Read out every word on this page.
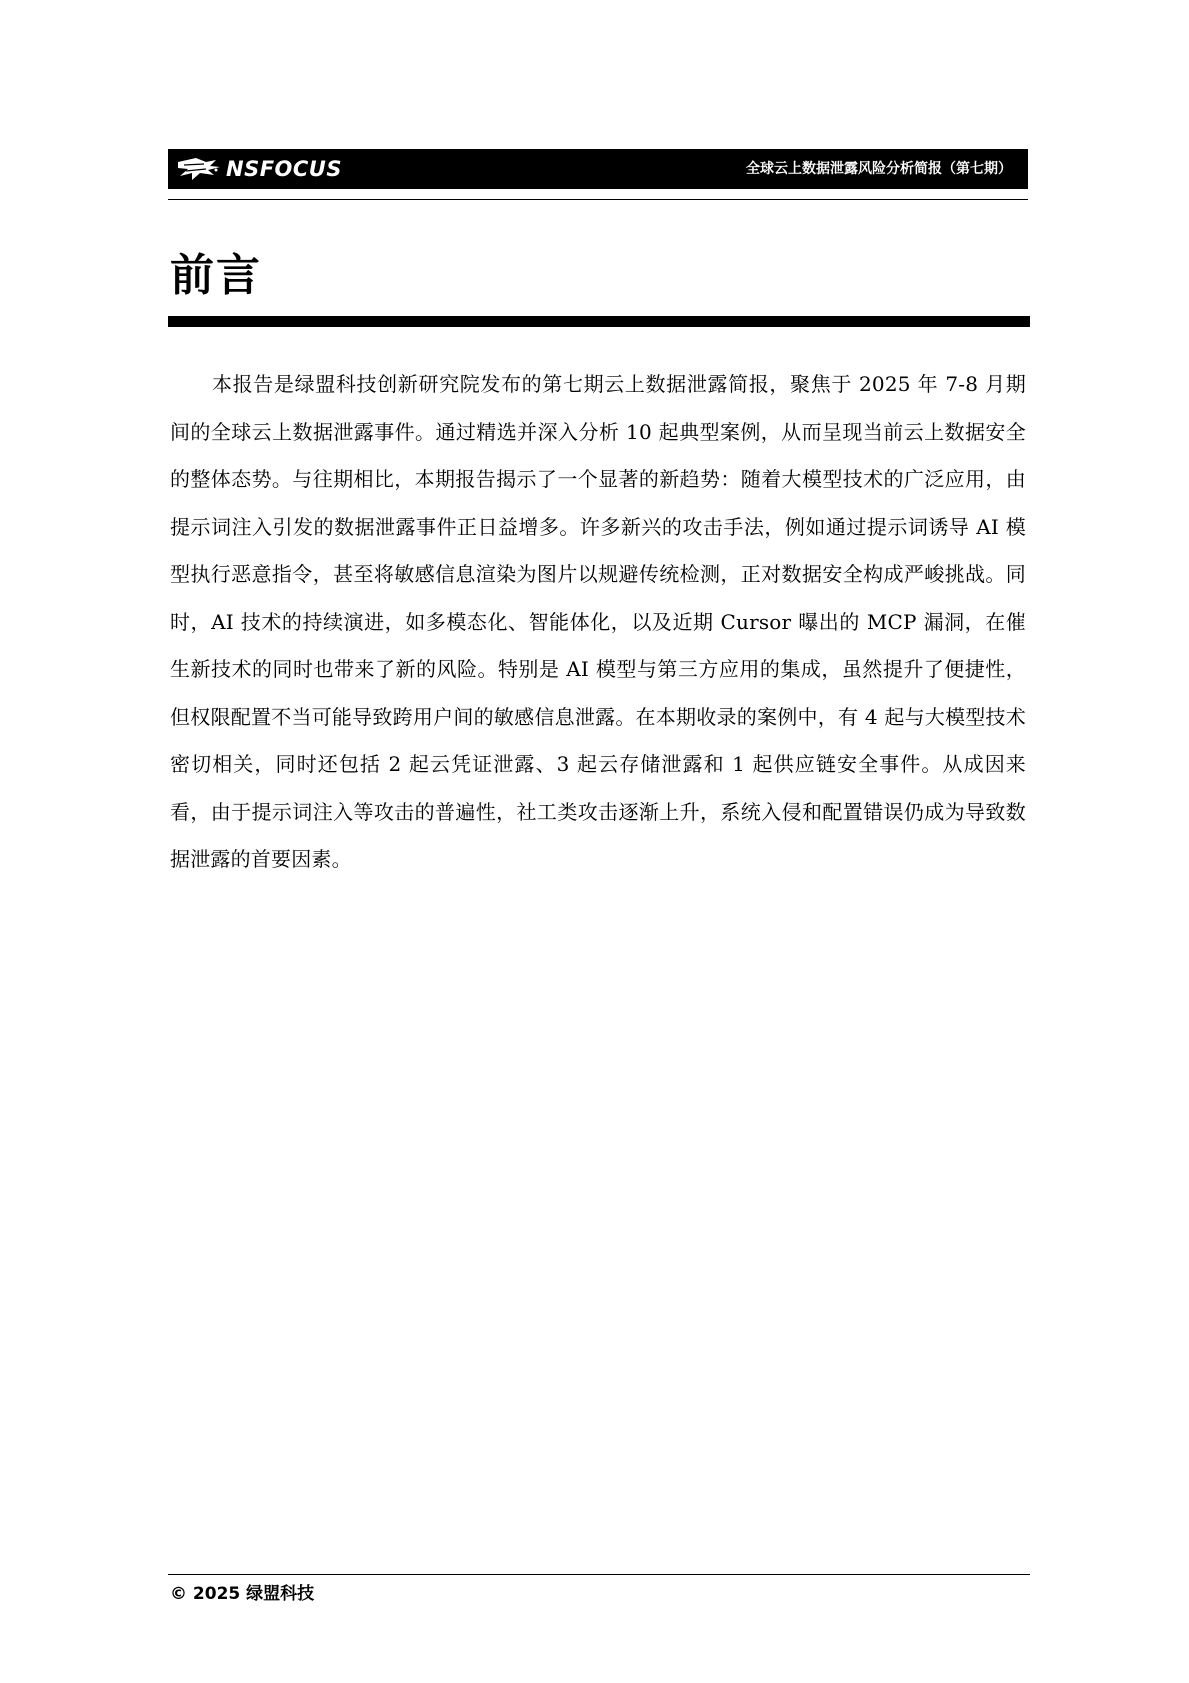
NSFOCUS	全球云上数据泄露风险分析简报（第七期）
前言

本报告是绿盟科技创新研究院发布的第七期云上数据泄露简报，聚焦于 2025 年 7-8 月期间的全球云上数据泄露事件。通过精选并深入分析 10 起典型案例，从而呈现当前云上数据安全的整体态势。与往期相比，本期报告揭示了一个显著的新趋势：随着大模型技术的广泛应用，由提示词注入引发的数据泄露事件正日益增多。许多新兴的攻击手法，例如通过提示词诱导 AI 模型执行恶意指令，甚至将敏感信息渲染为图片以规避传统检测，正对数据安全构成严峻挑战。同时，AI 技术的持续演进，如多模态化、智能体化，以及近期 Cursor 曝出的 MCP 漏洞，在催生新技术的同时也带来了新的风险。特别是 AI 模型与第三方应用的集成，虽然提升了便捷性，但权限配置不当可能导致跨用户间的敏感信息泄露。在本期收录的案例中，有 4 起与大模型技术密切相关，同时还包括 2 起云凭证泄露、3 起云存储泄露和 1 起供应链安全事件。从成因来看，由于提示词注入等攻击的普遍性，社工类攻击逐渐上升，系统入侵和配置错误仍成为导致数据泄露的首要因素。

© 2025 绿盟科技
